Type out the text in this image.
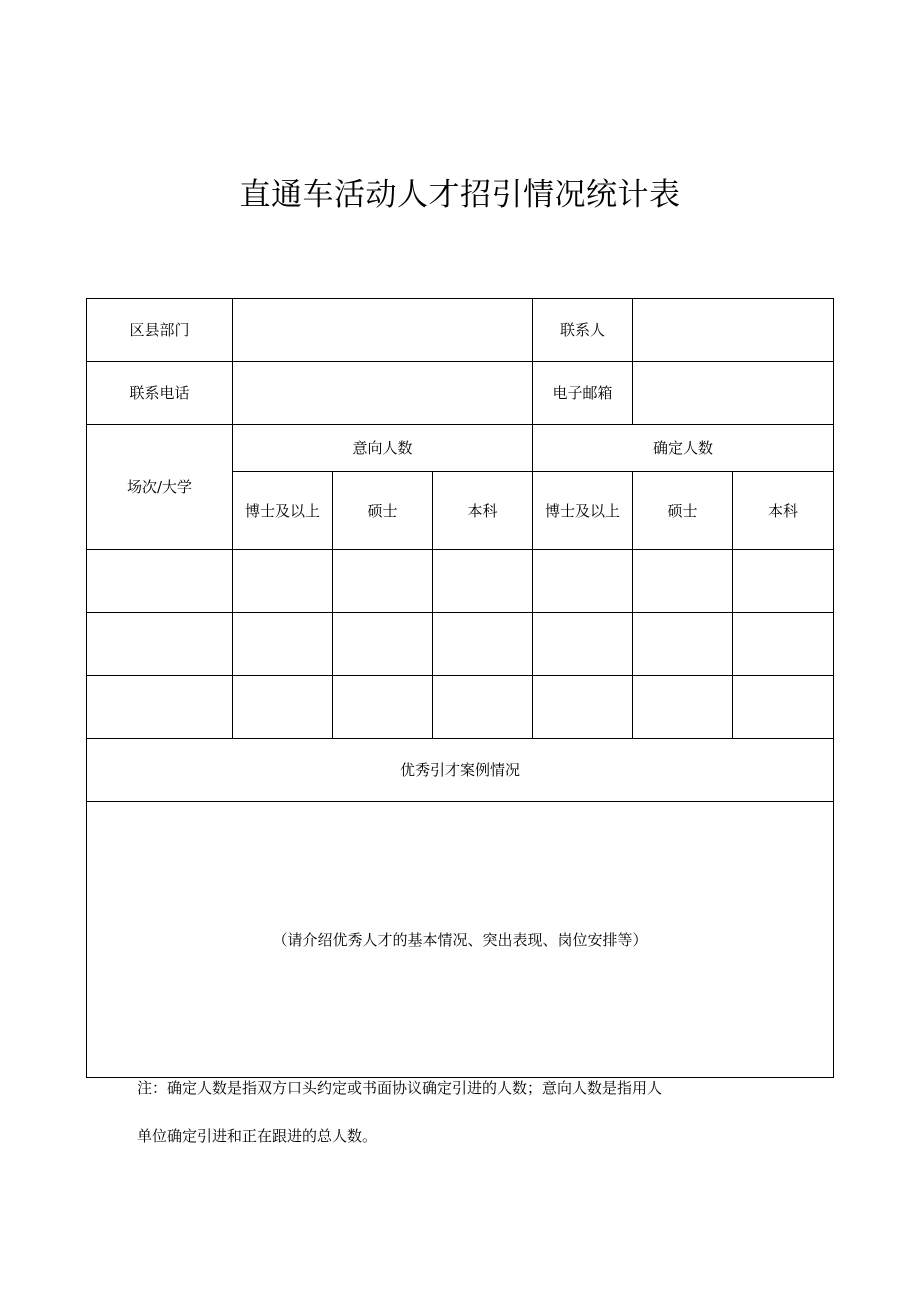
直通车活动人才招引情况统计表
区县部门				联系人		
联系电话				电子邮箱		
场次/大学	意向人数			确定人数		
	博士及以上	硕士	本科	博士及以上	硕士	本科

优秀引才案例情况						
（请介绍优秀人才的基本情况、突出表现、岗位安排等）						
注：确定人数是指双方口头约定或书面协议确定引进的人数；意向人数是指用人
单位确定引进和正在跟进的总人数。
